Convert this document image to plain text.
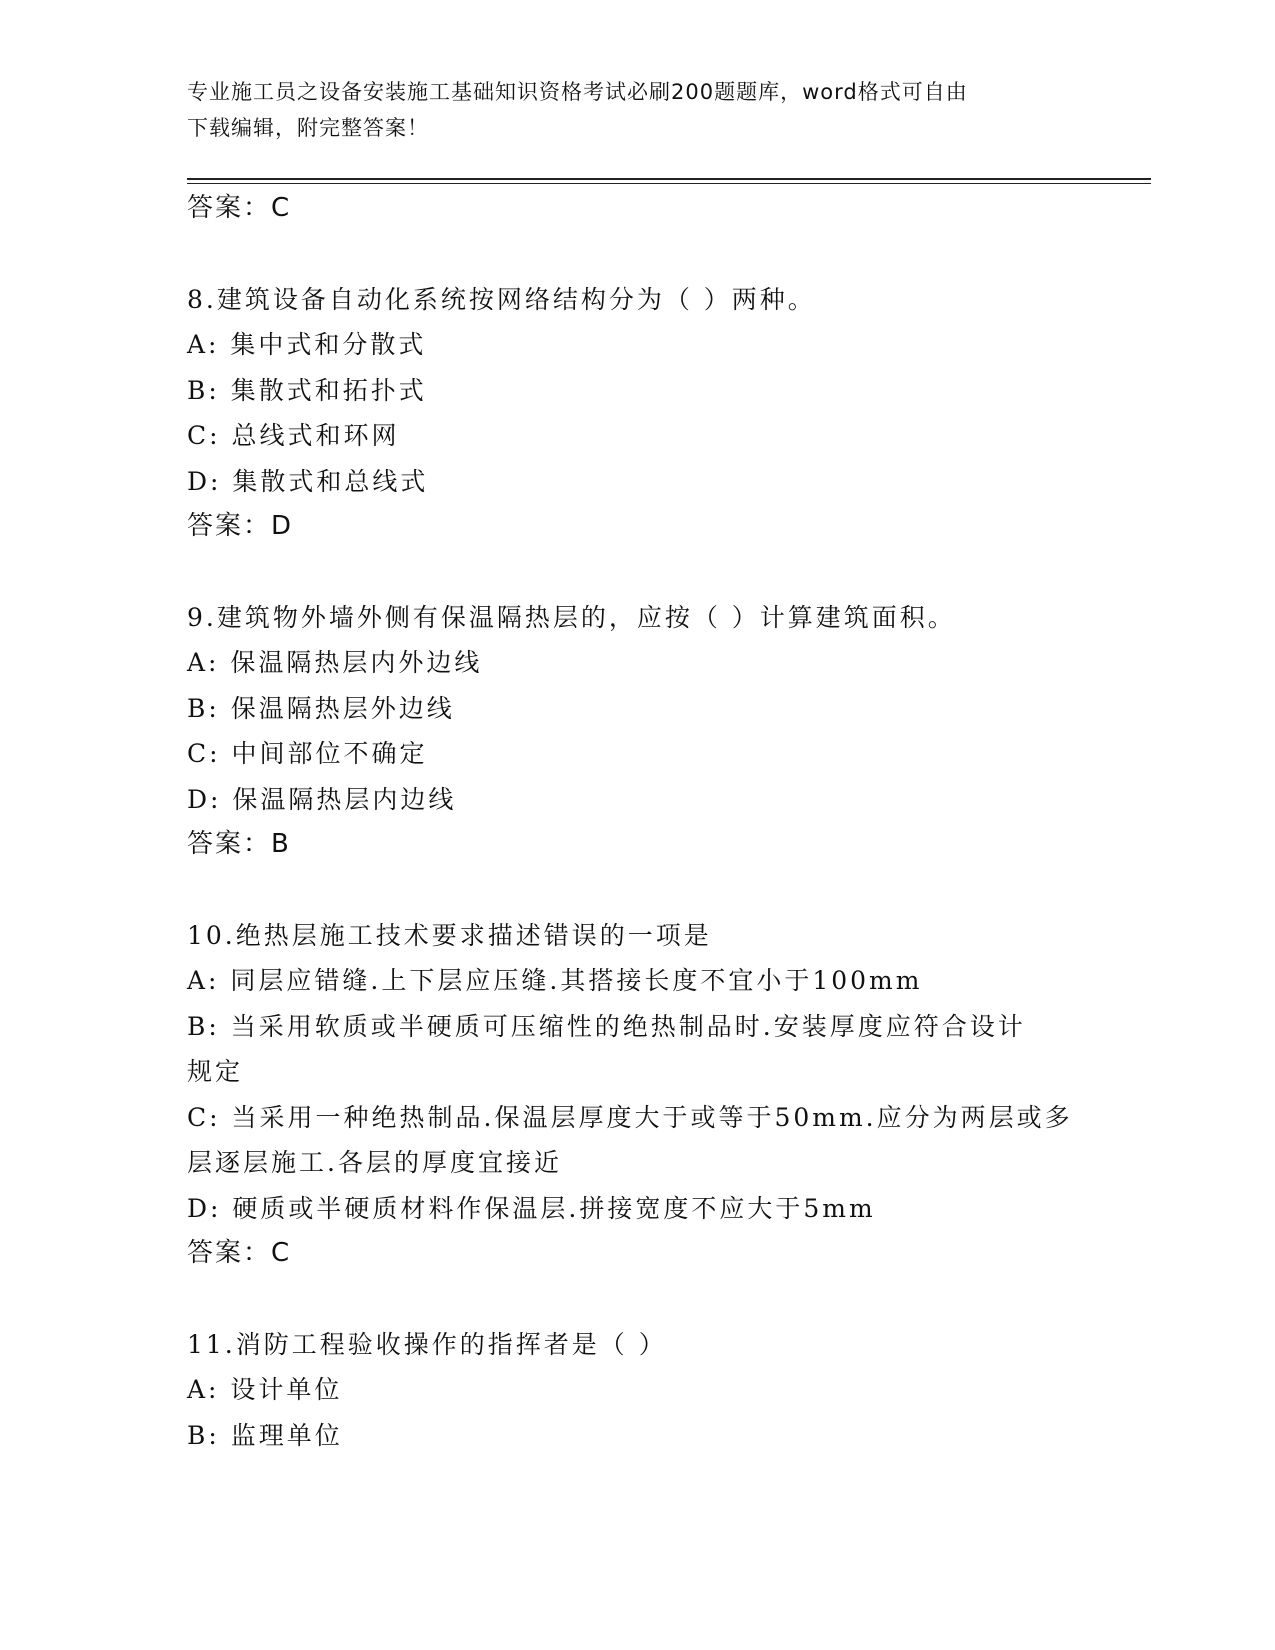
专业施工员之设备安装施工基础知识资格考试必刷200题题库，word格式可自由
下载编辑，附完整答案！
答案：C
8.建筑设备自动化系统按网络结构分为（ ）两种。
A: 集中式和分散式
B: 集散式和拓扑式
C: 总线式和环网
D: 集散式和总线式
答案：D
9.建筑物外墙外侧有保温隔热层的，应按（ ）计算建筑面积。
A: 保温隔热层内外边线
B: 保温隔热层外边线
C: 中间部位不确定
D: 保温隔热层内边线
答案：B
10.绝热层施工技术要求描述错误的一项是
A: 同层应错缝.上下层应压缝.其搭接长度不宜小于100mm
B: 当采用软质或半硬质可压缩性的绝热制品时.安装厚度应符合设计
规定
C: 当采用一种绝热制品.保温层厚度大于或等于50mm.应分为两层或多
层逐层施工.各层的厚度宜接近
D: 硬质或半硬质材料作保温层.拼接宽度不应大于5mm
答案：C
11.消防工程验收操作的指挥者是（ ）
A: 设计单位
B: 监理单位
